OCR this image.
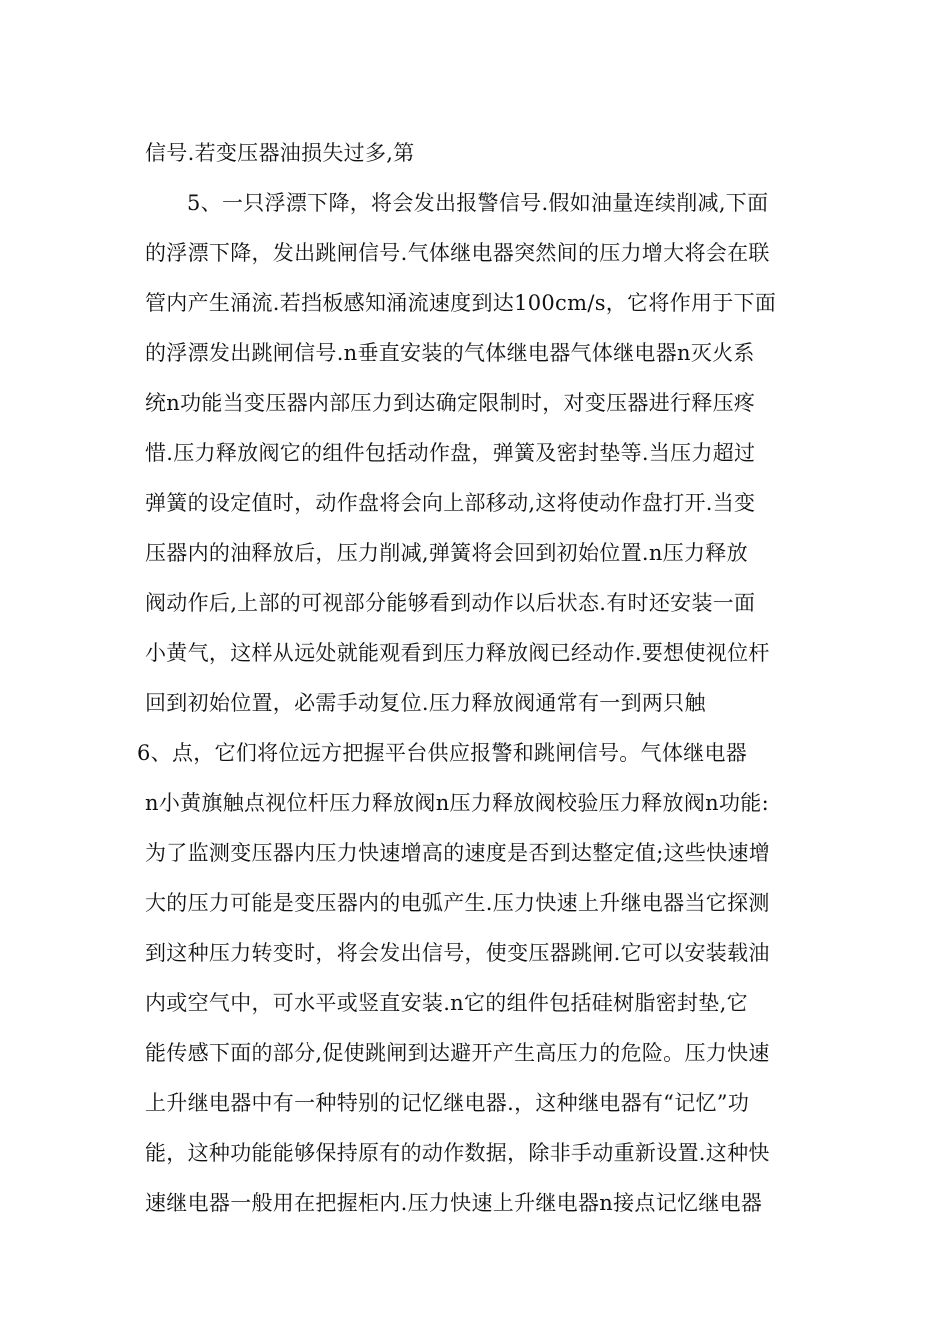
信号.若变压器油损失过多,第
5、一只浮漂下降，将会发出报警信号.假如油量连续削减,下面
的浮漂下降，发出跳闸信号.气体继电器突然间的压力增大将会在联
管内产生涌流.若挡板感知涌流速度到达100cm/s，它将作用于下面
的浮漂发出跳闸信号.n垂直安装的气体继电器气体继电器n灭火系
统n功能当变压器内部压力到达确定限制时，对变压器进行释压疼
惜.压力释放阀它的组件包括动作盘，弹簧及密封垫等.当压力超过
弹簧的设定值时，动作盘将会向上部移动,这将使动作盘打开.当变
压器内的油释放后，压力削减,弹簧将会回到初始位置.n压力释放
阀动作后,上部的可视部分能够看到动作以后状态.有时还安装一面
小黄气，这样从远处就能观看到压力释放阀已经动作.要想使视位杆
回到初始位置，必需手动复位.压力释放阀通常有一到两只触
6、点，它们将位远方把握平台供应报警和跳闸信号。气体继电器
n小黄旗触点视位杆压力释放阀n压力释放阀校验压力释放阀n功能:
为了监测变压器内压力快速增高的速度是否到达整定值;这些快速增
大的压力可能是变压器内的电弧产生.压力快速上升继电器当它探测
到这种压力转变时，将会发出信号，使变压器跳闸.它可以安装载油
内或空气中，可水平或竖直安装.n它的组件包括硅树脂密封垫,它
能传感下面的部分,促使跳闸到达避开产生高压力的危险。压力快速
上升继电器中有一种特别的记忆继电器.，这种继电器有“记忆”功
能，这种功能能够保持原有的动作数据，除非手动重新设置.这种快
速继电器一般用在把握柜内.压力快速上升继电器n接点记忆继电器
